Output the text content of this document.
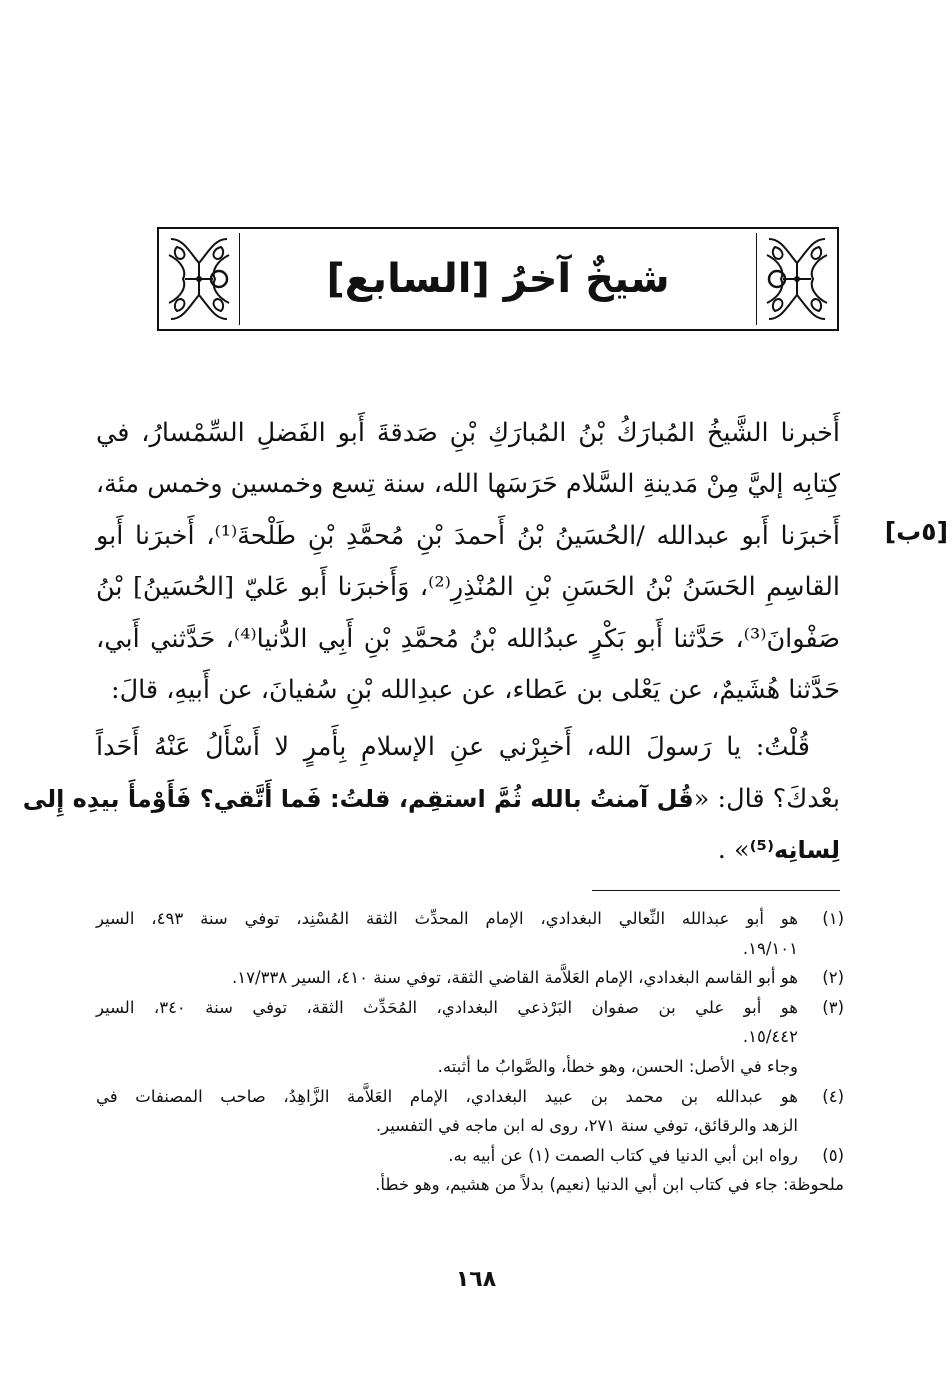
شيخٌ آخرُ [السابع]
[٥ب]
أَخبرنا الشَّيخُ المُبارَكُ بْنُ المُبارَكِ بْنِ صَدقةَ أَبو الفَضلِ السِّمْسارُ، في
كِتابِه إليَّ مِنْ مَدينةِ السَّلام حَرَسَها الله، سنة تِسع وخمسين وخمس مئة،
أَخبرَنا أَبو عبدالله /الحُسَينُ بْنُ أَحمدَ بْنِ مُحمَّدِ بْنِ طَلْحةَ⁽¹⁾، أَخبرَنا أَبو
القاسِمِ الحَسَنُ بْنُ الحَسَنِ بْنِ المُنْذِرِ⁽²⁾، وَأَخبرَنا أَبو عَليّ [الحُسَينُ] بْنُ
صَفْوانَ⁽³⁾، حَدَّثنا أَبو بَكْرٍ عبدُالله بْنُ مُحمَّدِ بْنِ أَبِي الدُّنيا⁽⁴⁾، حَدَّثني أَبي،
حَدَّثنا هُشَيمٌ، عن يَعْلى بن عَطاء، عن عبدِالله بْنِ سُفيانَ، عن أَبيهِ، قالَ:
قُلْتُ: يا رَسولَ الله، أَخبِرْني عنِ الإسلامِ بِأَمرٍ لا أَسْأَلُ عَنْهُ أَحَداً
بعْدكَ؟ قال: «قُل آمنتُ بالله ثُمَّ استقِم، قلتُ: فَما أَتَّقي؟ فَأَوْمأَ بيدِه إِلى
لِسانِه⁽⁵⁾» .
(١)
هو أبو عبدالله النِّعالي البغدادي، الإمام المحدِّث الثقة المُسْنِد، توفي سنة ٤٩٣، السير
١٩/١٠١.
(٢)
هو أبو القاسم البغدادي، الإمام العَلاَّمة القاضي الثقة، توفي سنة ٤١٠، السير ١٧/٣٣٨.
(٣)
هو أبو علي بن صفوان البَرْذعي البغدادي، المُحَدِّث الثقة، توفي سنة ٣٤٠، السير
١٥/٤٤٢.
وجاء في الأصل: الحسن، وهو خطأ، والصَّوابُ ما أثبته.
(٤)
هو عبدالله بن محمد بن عبيد البغدادي، الإمام العَلاَّمة الزَّاهِدُ، صاحب المصنفات في
الزهد والرقائق، توفي سنة ٢٧١، روى له ابن ماجه في التفسير.
(٥)
رواه ابن أبي الدنيا في كتاب الصمت (١) عن أبيه به.
ملحوظة: جاء في كتاب ابن أبي الدنيا (نعيم) بدلاً من هشيم، وهو خطأ.
١٦٨
